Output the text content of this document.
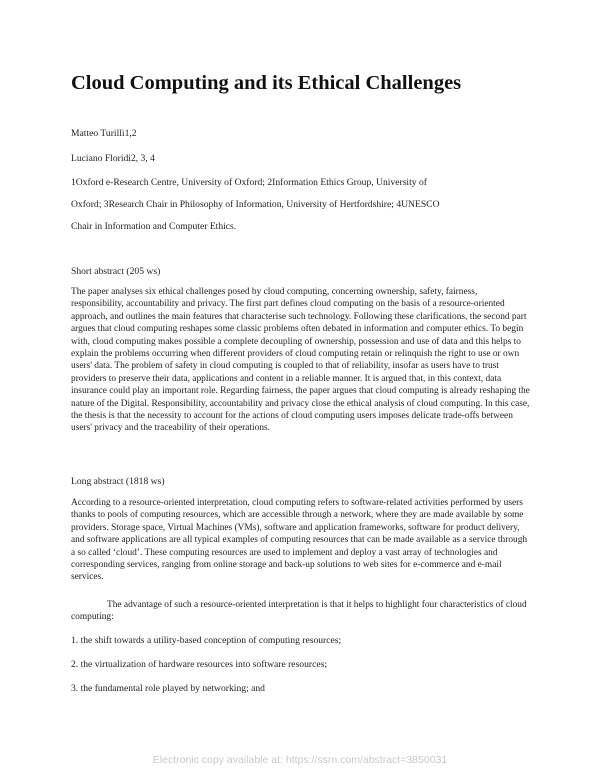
Cloud Computing and its Ethical Challenges

Matteo Turilli1,2

Luciano Floridi2, 3, 4

1Oxford e-Research Centre, University of Oxford; 2Information Ethics Group, University of

Oxford; 3Research Chair in Philosophy of Information, University of Hertfordshire; 4UNESCO

Chair in Information and Computer Ethics.

Short abstract (205 ws)

The paper analyses six ethical challenges posed by cloud computing, concerning ownership, safety, fairness, responsibility, accountability and privacy. The first part defines cloud computing on the basis of a resource-oriented approach, and outlines the main features that characterise such technology. Following these clarifications, the second part argues that cloud computing reshapes some classic problems often debated in information and computer ethics. To begin with, cloud computing makes possible a complete decoupling of ownership, possession and use of data and this helps to explain the problems occurring when different providers of cloud computing retain or relinquish the right to use or own users' data. The problem of safety in cloud computing is coupled to that of reliability, insofar as users have to trust providers to preserve their data, applications and content in a reliable manner. It is argued that, in this context, data insurance could play an important role. Regarding fairness, the paper argues that cloud computing is already reshaping the nature of the Digital. Responsibility, accountability and privacy close the ethical analysis of cloud computing. In this case, the thesis is that the necessity to account for the actions of cloud computing users imposes delicate trade-offs between users' privacy and the traceability of their operations.

Long abstract (1818 ws)

According to a resource-oriented interpretation, cloud computing refers to software-related activities performed by users thanks to pools of computing resources, which are accessible through a network, where they are made available by some providers. Storage space, Virtual Machines (VMs), software and application frameworks, software for product delivery, and software applications are all typical examples of computing resources that can be made available as a service through a so called ‘cloud’. These computing resources are used to implement and deploy a vast array of technologies and corresponding services, ranging from online storage and back-up solutions to web sites for e-commerce and e-mail services.

The advantage of such a resource-oriented interpretation is that it helps to highlight four characteristics of cloud computing:

1. the shift towards a utility-based conception of computing resources;

2. the virtualization of hardware resources into software resources;

3. the fundamental role played by networking; and

Electronic copy available at: https://ssrn.com/abstract=3850031
